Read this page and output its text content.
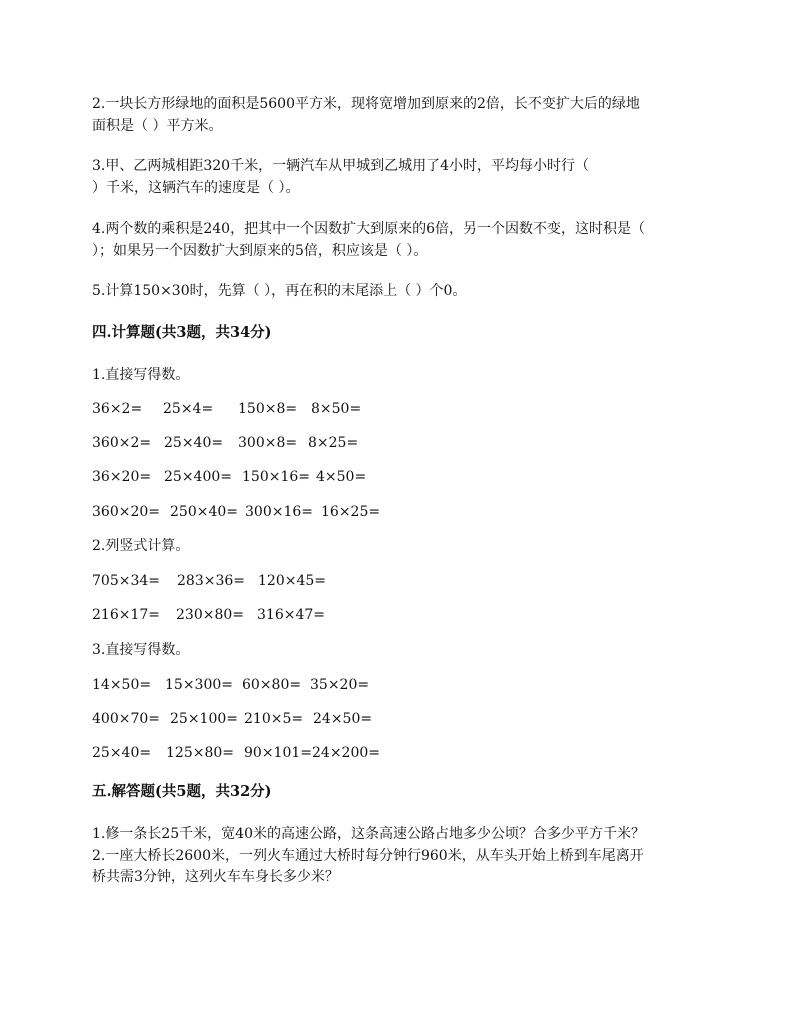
2.一块长方形绿地的面积是5600平方米，现将宽增加到原来的2倍，长不变扩大后的绿地
面积是（ ）平方米。
3.甲、乙两城相距320千米，一辆汽车从甲城到乙城用了4小时，平均每小时行（
）千米，这辆汽车的速度是（ ）。
4.两个数的乘积是240，把其中一个因数扩大到原来的6倍，另一个因数不变，这时积是（
）；如果另一个因数扩大到原来的5倍，积应该是（ ）。
5.计算150×30时，先算（ ），再在积的末尾添上（ ）个0。
四.计算题(共3题，共34分)
1.直接写得数。
36×2= 25×4= 150×8= 8×50=
360×2= 25×40= 300×8= 8×25=
36×20= 25×400= 150×16= 4×50=
360×20= 250×40= 300×16= 16×25=
2.列竖式计算。
705×34= 283×36= 120×45=
216×17= 230×80= 316×47=
3.直接写得数。
14×50= 15×300= 60×80= 35×20=
400×70= 25×100= 210×5= 24×50=
25×40= 125×80= 90×101= 24×200=
五.解答题(共5题，共32分)
1.修一条长25千米，宽40米的高速公路，这条高速公路占地多少公顷？合多少平方千米？
2.一座大桥长2600米，一列火车通过大桥时每分钟行960米，从车头开始上桥到车尾离开
桥共需3分钟，这列火车车身长多少米？
